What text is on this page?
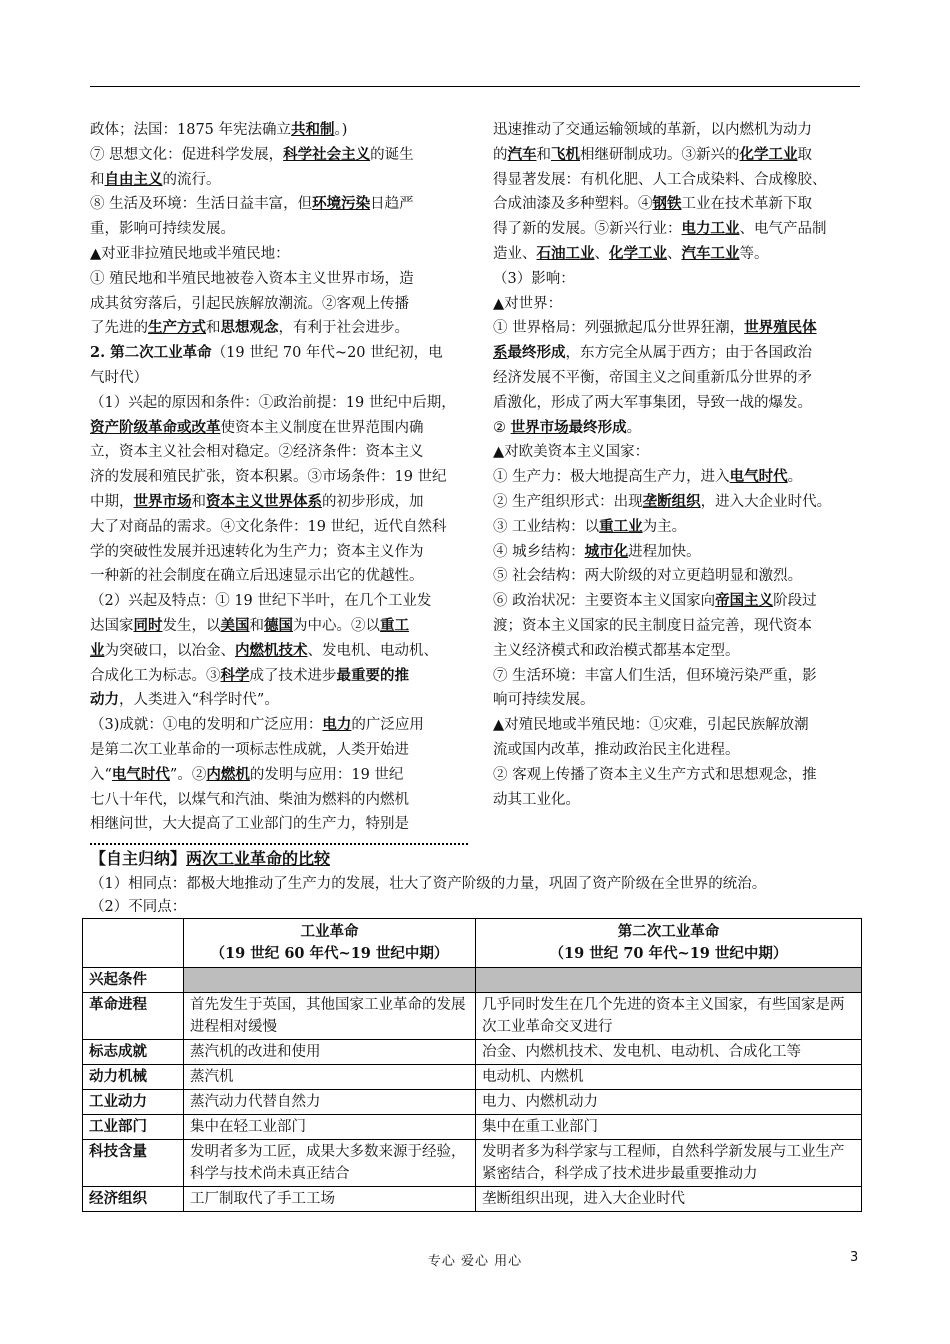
政体；法国：1875 年宪法确立共和制。)

⑦ 思想文化：促进科学发展，科学社会主义的诞生

和自由主义的流行。

⑧ 生活及环境：生活日益丰富，但环境污染日趋严

重，影响可持续发展。

▲对亚非拉殖民地或半殖民地：

① 殖民地和半殖民地被卷入资本主义世界市场，造

成其贫穷落后，引起民族解放潮流。②客观上传播

了先进的生产方式和思想观念，有利于社会进步。

2. 第二次工业革命（19 世纪 70 年代~20 世纪初，电

气时代）

（1）兴起的原因和条件：①政治前提：19 世纪中后期，

资产阶级革命或改革使资本主义制度在世界范围内确

立，资本主义社会相对稳定。②经济条件：资本主义

济的发展和殖民扩张，资本积累。③市场条件：19 世纪

中期，世界市场和资本主义世界体系的初步形成，加

大了对商品的需求。④文化条件：19 世纪，近代自然科

学的突破性发展并迅速转化为生产力；资本主义作为

一种新的社会制度在确立后迅速显示出它的优越性。

（2）兴起及特点：① 19 世纪下半叶，在几个工业发

达国家同时发生，以美国和德国为中心。②以重工

业为突破口，以冶金、内燃机技术、发电机、电动机、

合成化工为标志。③科学成了技术进步最重要的推

动力，人类进入“科学时代”。

（3)成就：①电的发明和广泛应用：电力的广泛应用

是第二次工业革命的一项标志性成就，人类开始进

入“电气时代”。②内燃机的发明与应用：19 世纪

七八十年代，以煤气和汽油、柴油为燃料的内燃机

相继问世，大大提高了工业部门的生产力，特别是

迅速推动了交通运输领域的革新，以内燃机为动力

的汽车和飞机相继研制成功。③新兴的化学工业取

得显著发展：有机化肥、人工合成染料、合成橡胶、

合成油漆及多种塑料。④钢铁工业在技术革新下取

得了新的发展。⑤新兴行业：电力工业、电气产品制

造业、石油工业、化学工业、汽车工业等。

（3）影响：

▲对世界：

① 世界格局：列强掀起瓜分世界狂潮，世界殖民体

系最终形成，东方完全从属于西方；由于各国政治

经济发展不平衡，帝国主义之间重新瓜分世界的矛

盾激化，形成了两大军事集团，导致一战的爆发。

② 世界市场最终形成。

▲对欧美资本主义国家：

① 生产力：极大地提高生产力，进入电气时代。

② 生产组织形式：出现垄断组织，进入大企业时代。

③ 工业结构：以重工业为主。

④ 城乡结构：城市化进程加快。

⑤ 社会结构：两大阶级的对立更趋明显和激烈。

⑥ 政治状况：主要资本主义国家向帝国主义阶段过

渡；资本主义国家的民主制度日益完善，现代资本

主义经济模式和政治模式都基本定型。

⑦ 生活环境：丰富人们生活，但环境污染严重，影

响可持续发展。

▲对殖民地或半殖民地：①灾难，引起民族解放潮

流或国内改革，推动政治民主化进程。

② 客观上传播了资本主义生产方式和思想观念，推

动其工业化。

【自主归纳】两次工业革命的比较
（1）相同点：都极大地推动了生产力的发展，壮大了资产阶级的力量，巩固了资产阶级在全世界的统治。
（2）不同点：
	工业革命
（19 世纪 60 年代~19 世纪中期）	第二次工业革命
（19 世纪 70 年代~19 世纪中期）
兴起条件		
革命进程	首先发生于英国，其他国家工业革命的发展进程相对缓慢	几乎同时发生在几个先进的资本主义国家，有些国家是两次工业革命交叉进行
标志成就	蒸汽机的改进和使用	冶金、内燃机技术、发电机、电动机、合成化工等
动力机械	蒸汽机	电动机、内燃机
工业动力	蒸汽动力代替自然力	电力、内燃机动力
工业部门	集中在轻工业部门	集中在重工业部门
科技含量	发明者多为工匠，成果大多数来源于经验，科学与技术尚未真正结合	发明者多为科学家与工程师，自然科学新发展与工业生产紧密结合，科学成了技术进步最重要推动力
经济组织	工厂制取代了手工工场	垄断组织出现，进入大企业时代
专心 爱心 用心	3
